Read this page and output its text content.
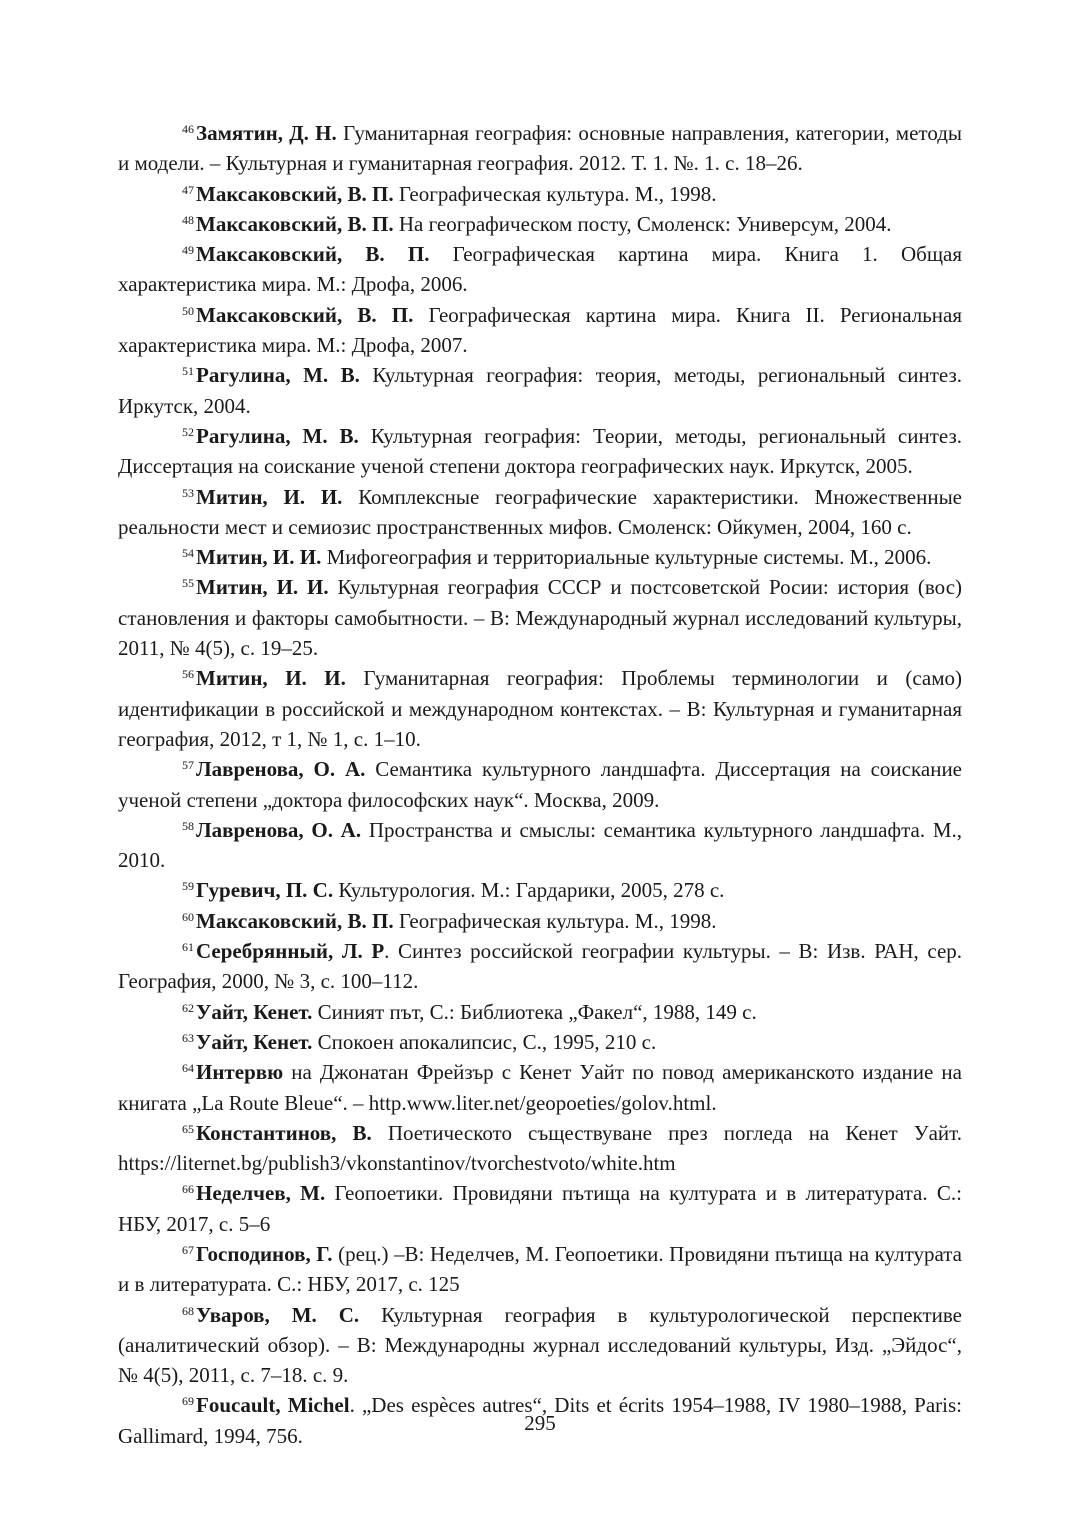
$^{46}$Замятин, Д. Н. Гуманитарная география: основные направления, категории, методы и модели. – Культурная и гуманитарная география. 2012. Т. 1. №. 1. с. 18–26.

$^{47}$Максаковский, В. П. Географическая культура. М., 1998.

$^{48}$Максаковский, В. П. На географическом посту, Смоленск: Универсум, 2004.

$^{49}$Максаковский, В. П. Географическая картина мира. Книга 1. Общая характеристика мира. М.: Дрофа, 2006.

$^{50}$Максаковский, В. П. Географическая картина мира. Книга II. Региональная характеристика мира. М.: Дрофа, 2007.

$^{51}$Рагулина, М. В. Культурная география: теория, методы, региональный синтез. Иркутск, 2004.

$^{52}$Рагулина, М. В. Культурная география: Теории, методы, региональный синтез. Диссертация на соискание ученой степени доктора географических наук. Иркутск, 2005.

$^{53}$Митин, И. И. Комплексные географические характеристики. Множественные реальности мест и семиозис пространственных мифов. Смоленск: Ойкумен, 2004, 160 с.

$^{54}$Митин, И. И. Мифогеография и территориальные культурные системы. М., 2006.

$^{55}$Митин, И. И. Культурная география СССР и постсоветской Росии: история (вос) становления и факторы самобытности. – В: Международный журнал исследований культуры, 2011, № 4(5), с. 19–25.

$^{56}$Митин, И. И. Гуманитарная география: Проблемы терминологии и (само) идентификации в российской и международном контекстах. – В: Культурная и гуманитарная география, 2012, т 1, № 1, с. 1–10.

$^{57}$Лавренова, О. А. Семантика культурного ландшафта. Диссертация на соискание ученой степени „доктора философских наук“. Москва, 2009.

$^{58}$Лавренова, О. А. Пространства и смыслы: семантика культурного ландшафта. М., 2010.

$^{59}$Гуревич, П. С. Культурология. М.: Гардарики, 2005, 278 с.

$^{60}$Максаковский, В. П. Географическая культура. М., 1998.

$^{61}$Серебрянный, Л. Р. Синтез российской географии культуры. – В: Изв. РАН, сер. География, 2000, № 3, с. 100–112.

$^{62}$Уайт, Кенет. Синият път, С.: Библиотека „Факел“, 1988, 149 с.

$^{63}$Уайт, Кенет. Спокоен апокалипсис, С., 1995, 210 с.

$^{64}$Интервю на Джонатан Фрейзър с Кенет Уайт по повод американското издание на книгата „La Route Bleue“. – http.www.liter.net/geopoeties/golov.html.

$^{65}$Константинов, В. Поетическото съществуване през погледа на Кенет Уайт. https://liternet.bg/publish3/vkonstantinov/tvorchestvoto/white.htm

$^{66}$Неделчев, М. Геопоетики. Провидяни пътища на културата и в литературата. С.: НБУ, 2017, с. 5–6

$^{67}$Господинов, Г. (рец.) –В: Неделчев, М. Геопоетики. Провидяни пътища на културата и в литературата. С.: НБУ, 2017, с. 125

$^{68}$Уваров, М. С. Культурная география в культурологической перспективе (аналитический обзор). – В: Международны журнал исследований культуры, Изд. „Эйдос“, № 4(5), 2011, с. 7–18. с. 9.

$^{69}$Foucault, Michel. „Des espèces autres“, Dits et écrits 1954–1988, IV 1980–1988, Paris: Gallimard, 1994, 756.

295
